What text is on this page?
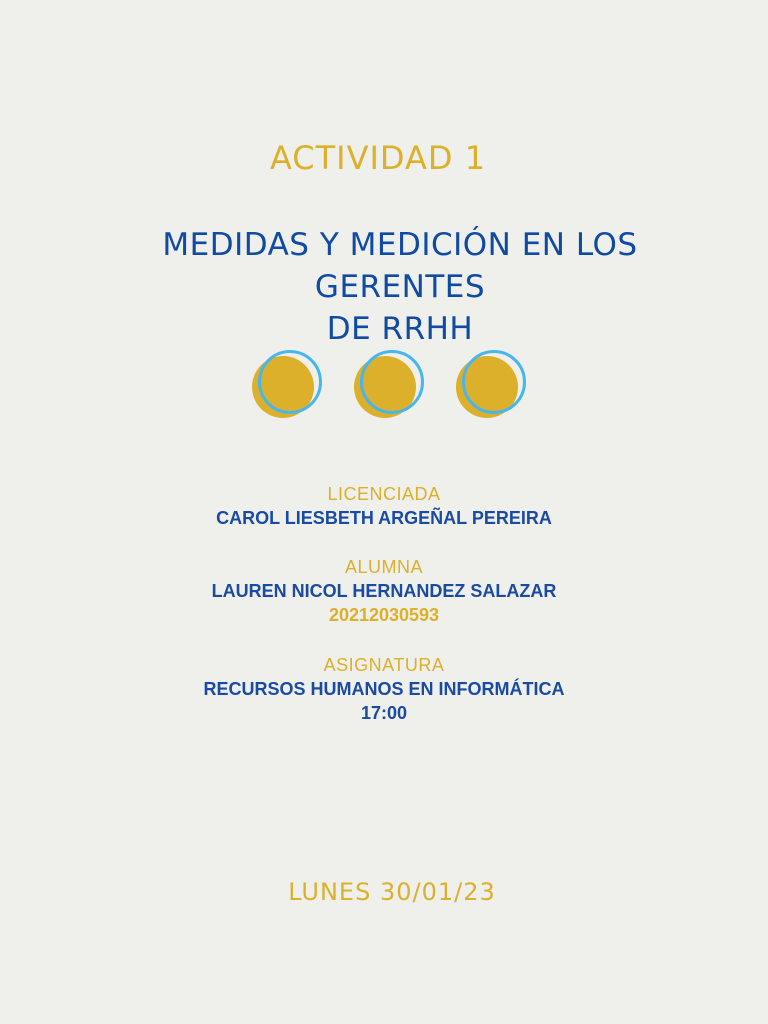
ACTIVIDAD 1
MEDIDAS Y MEDICIÓN EN LOS GERENTES
DE RRHH
LICENCIADA
CAROL LIESBETH ARGEÑAL PEREIRA
ALUMNA
LAUREN NICOL HERNANDEZ SALAZAR
20212030593
ASIGNATURA
RECURSOS HUMANOS EN INFORMÁTICA
17:00
LUNES 30/01/23
